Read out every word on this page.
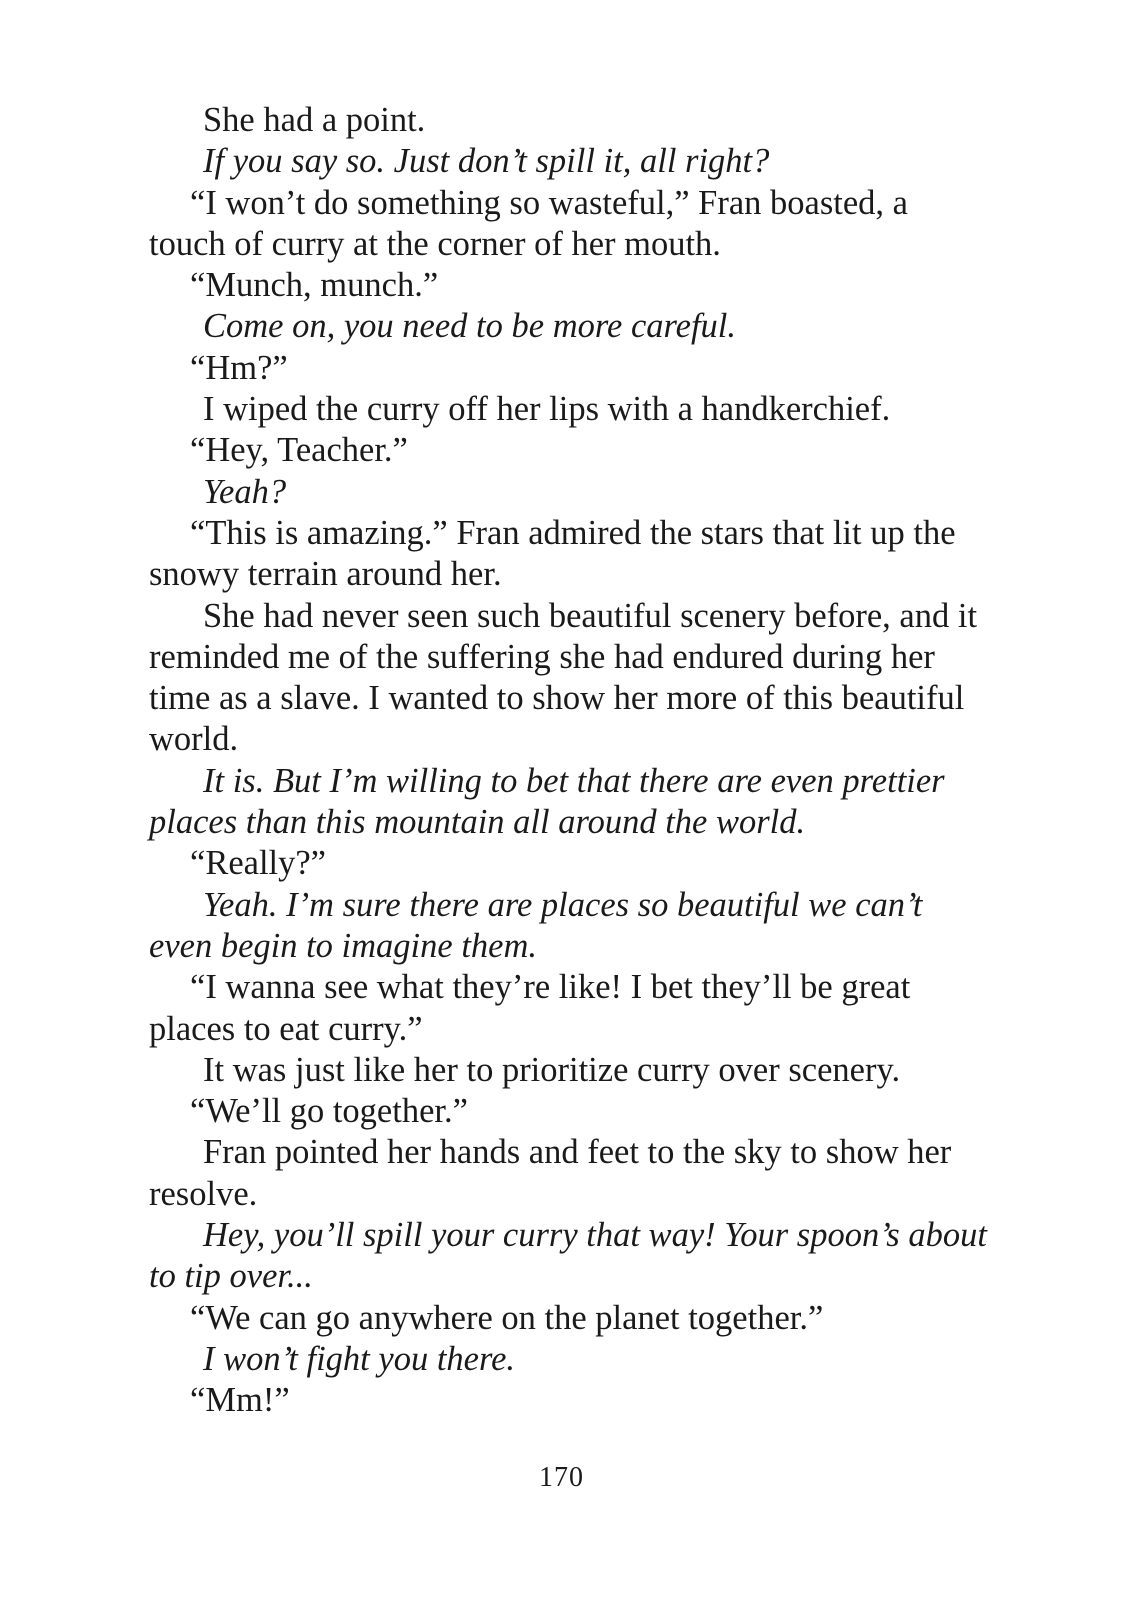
She had a point.

If you say so. Just don’t spill it, all right?

“I won’t do something so wasteful,” Fran boasted, a touch of curry at the corner of her mouth.

“Munch, munch.”

Come on, you need to be more careful.

“Hm?”

I wiped the curry off her lips with a handkerchief.

“Hey, Teacher.”

Yeah?

“This is amazing.” Fran admired the stars that lit up the snowy terrain around her.

She had never seen such beautiful scenery before, and it reminded me of the suffering she had endured during her time as a slave. I wanted to show her more of this beautiful world.

It is. But I’m willing to bet that there are even prettier places than this mountain all around the world.

“Really?”

Yeah. I’m sure there are places so beautiful we can’t even begin to imagine them.

“I wanna see what they’re like! I bet they’ll be great places to eat curry.”

It was just like her to prioritize curry over scenery.

“We’ll go together.”

Fran pointed her hands and feet to the sky to show her resolve.

Hey, you’ll spill your curry that way! Your spoon’s about to tip over...

“We can go anywhere on the planet together.”

I won’t fight you there.

“Mm!”

170
